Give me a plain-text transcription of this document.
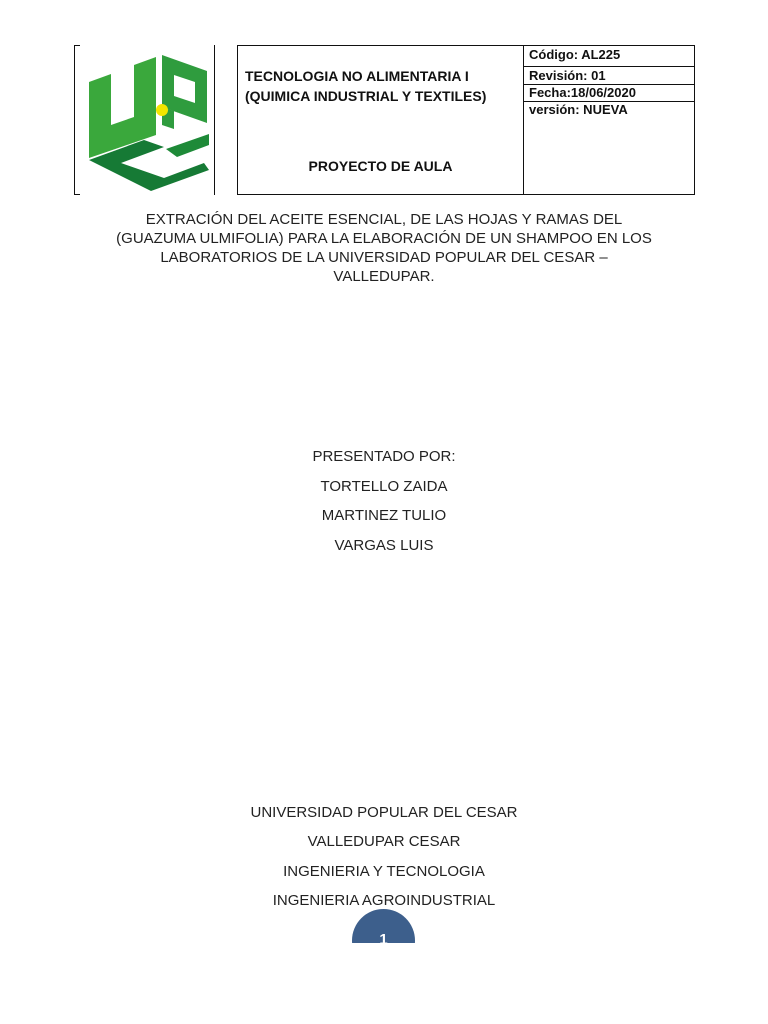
TECNOLOGIA NO ALIMENTARIA I
(QUIMICA INDUSTRIAL Y TEXTILES)
PROYECTO DE AULA
Código: AL225
Revisión: 01
Fecha:18/06/2020
versión: NUEVA
EXTRACIÓN DEL ACEITE ESENCIAL, DE LAS HOJAS Y RAMAS DEL
(GUAZUMA ULMIFOLIA) PARA LA ELABORACIÓN DE UN SHAMPOO EN LOS
LABORATORIOS DE LA UNIVERSIDAD POPULAR DEL CESAR –
VALLEDUPAR.
PRESENTADO POR:
TORTELLO ZAIDA
MARTINEZ TULIO
VARGAS LUIS
UNIVERSIDAD POPULAR DEL CESAR
VALLEDUPAR CESAR
INGENIERIA Y TECNOLOGIA
INGENIERIA AGROINDUSTRIAL
1
